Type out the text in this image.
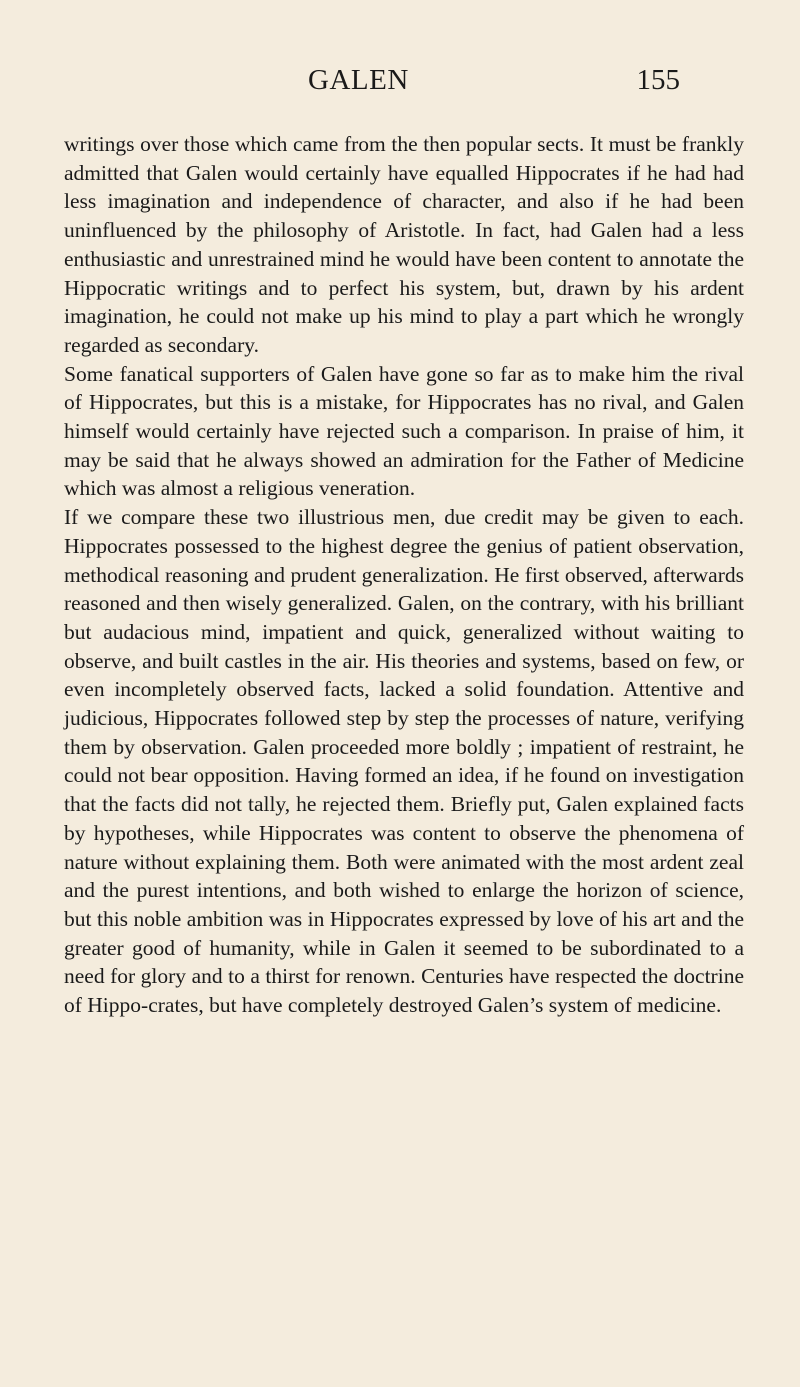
GALEN	155

writings over those which came from the then popular sects. It must be frankly admitted that Galen would certainly have equalled Hippocrates if he had had less imagination and independence of character, and also if he had been uninfluenced by the philosophy of Aristotle. In fact, had Galen had a less enthusiastic and unrestrained mind he would have been content to annotate the Hippocratic writings and to perfect his system, but, drawn by his ardent imagination, he could not make up his mind to play a part which he wrongly regarded as secondary.

Some fanatical supporters of Galen have gone so far as to make him the rival of Hippocrates, but this is a mistake, for Hippocrates has no rival, and Galen himself would certainly have rejected such a comparison. In praise of him, it may be said that he always showed an admiration for the Father of Medicine which was almost a religious veneration.

If we compare these two illustrious men, due credit may be given to each. Hippocrates possessed to the highest degree the genius of patient observation, methodical reasoning and prudent generalization. He first observed, afterwards reasoned and then wisely generalized. Galen, on the contrary, with his brilliant but audacious mind, impatient and quick, generalized without waiting to observe, and built castles in the air. His theories and systems, based on few, or even incompletely observed facts, lacked a solid foundation. Attentive and judicious, Hippocrates followed step by step the processes of nature, verifying them by observation. Galen proceeded more boldly ; impatient of restraint, he could not bear opposition. Having formed an idea, if he found on investigation that the facts did not tally, he rejected them. Briefly put, Galen explained facts by hypotheses, while Hippocrates was content to observe the phenomena of nature without explaining them. Both were animated with the most ardent zeal and the purest intentions, and both wished to enlarge the horizon of science, but this noble ambition was in Hippocrates expressed by love of his art and the greater good of humanity, while in Galen it seemed to be subordinated to a need for glory and to a thirst for renown. Centuries have respected the doctrine of Hippo-crates, but have completely destroyed Galen’s system of medicine.
